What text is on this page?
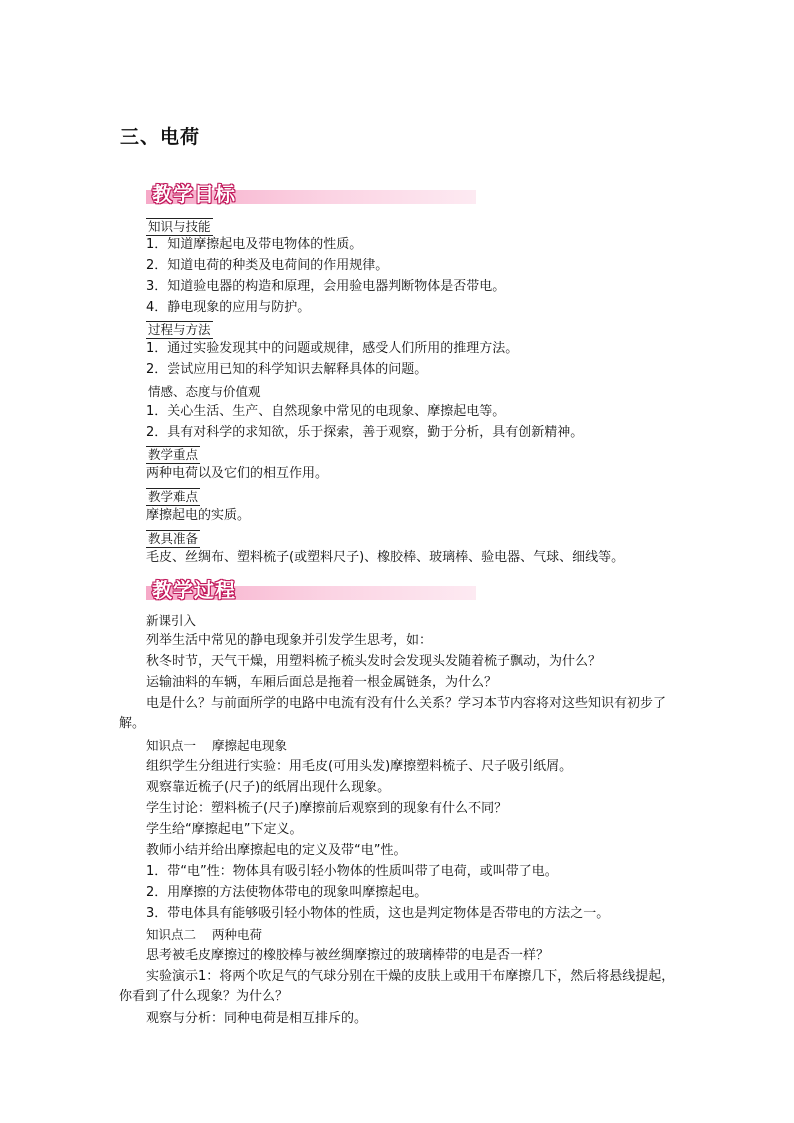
三、电荷
教学目标
知识与技能
1．知道摩擦起电及带电物体的性质。
2．知道电荷的种类及电荷间的作用规律。
3．知道验电器的构造和原理，会用验电器判断物体是否带电。
4．静电现象的应用与防护。
过程与方法
1．通过实验发现其中的问题或规律，感受人们所用的推理方法。
2．尝试应用已知的科学知识去解释具体的问题。
情感、态度与价值观
1．关心生活、生产、自然现象中常见的电现象、摩擦起电等。
2．具有对科学的求知欲，乐于探索，善于观察，勤于分析，具有创新精神。
教学重点
两种电荷以及它们的相互作用。
教学难点
摩擦起电的实质。
教具准备
毛皮、丝绸布、塑料梳子(或塑料尺子)、橡胶棒、玻璃棒、验电器、气球、细线等。
教学过程
新课引入
列举生活中常见的静电现象并引发学生思考，如：
秋冬时节，天气干燥，用塑料梳子梳头发时会发现头发随着梳子飘动，为什么？
运输油料的车辆，车厢后面总是拖着一根金属链条，为什么？
电是什么？与前面所学的电路中电流有没有什么关系？学习本节内容将对这些知识有初步了解。
知识点一 摩擦起电现象
组织学生分组进行实验：用毛皮(可用头发)摩擦塑料梳子、尺子吸引纸屑。
观察靠近梳子(尺子)的纸屑出现什么现象。
学生讨论：塑料梳子(尺子)摩擦前后观察到的现象有什么不同？
学生给“摩擦起电”下定义。
教师小结并给出摩擦起电的定义及带“电”性。
1．带“电”性：物体具有吸引轻小物体的性质叫带了电荷，或叫带了电。
2．用摩擦的方法使物体带电的现象叫摩擦起电。
3．带电体具有能够吸引轻小物体的性质，这也是判定物体是否带电的方法之一。
知识点二 两种电荷
思考被毛皮摩擦过的橡胶棒与被丝绸摩擦过的玻璃棒带的电是否一样？
实验演示1：将两个吹足气的气球分别在干燥的皮肤上或用干布摩擦几下，然后将悬线提起，你看到了什么现象？为什么？
观察与分析：同种电荷是相互排斥的。
